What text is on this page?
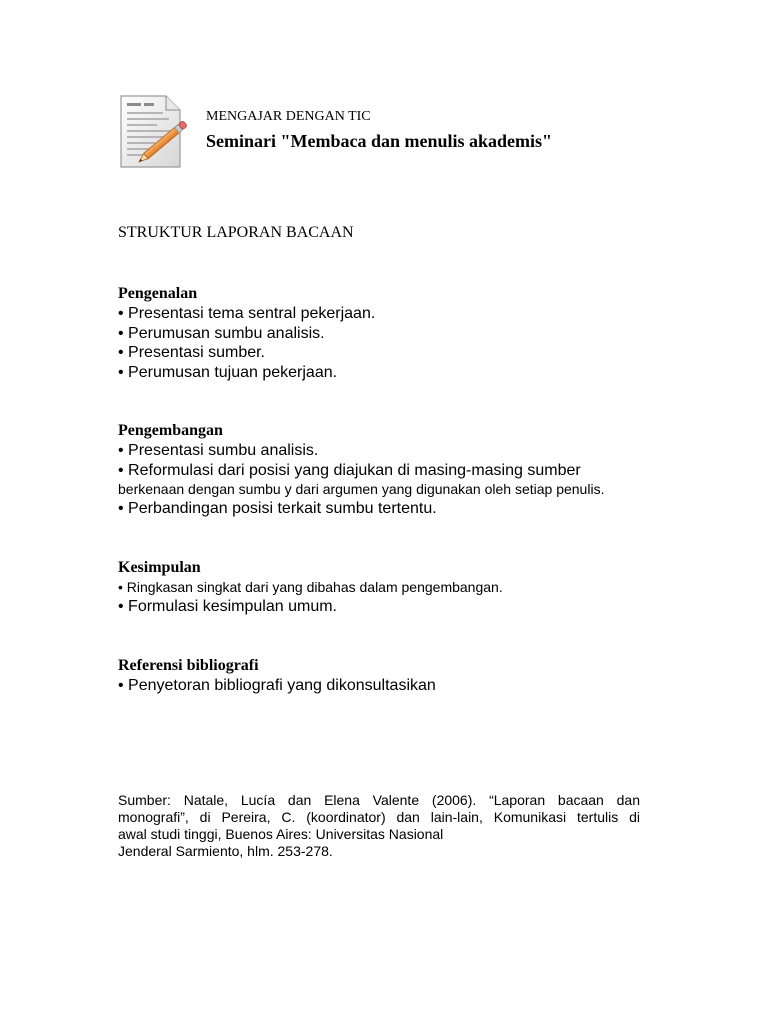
MENGAJAR DENGAN TIC
Seminari "Membaca dan menulis akademis"
STRUKTUR LAPORAN BACAAN
Pengenalan
• Presentasi tema sentral pekerjaan.
• Perumusan sumbu analisis.
• Presentasi sumber.
• Perumusan tujuan pekerjaan.
Pengembangan
• Presentasi sumbu analisis.
• Reformulasi dari posisi yang diajukan di masing-masing sumber
berkenaan dengan sumbu y dari argumen yang digunakan oleh setiap penulis.
• Perbandingan posisi terkait sumbu tertentu.
Kesimpulan
• Ringkasan singkat dari yang dibahas dalam pengembangan.
• Formulasi kesimpulan umum.
Referensi bibliografi
• Penyetoran bibliografi yang dikonsultasikan
Sumber: Natale, Lucía dan Elena Valente (2006). “Laporan bacaan dan
monografi”, di Pereira, C. (koordinator) dan lain-lain, Komunikasi tertulis di
awal studi tinggi, Buenos Aires: Universitas Nasional
Jenderal Sarmiento, hlm. 253-278.
